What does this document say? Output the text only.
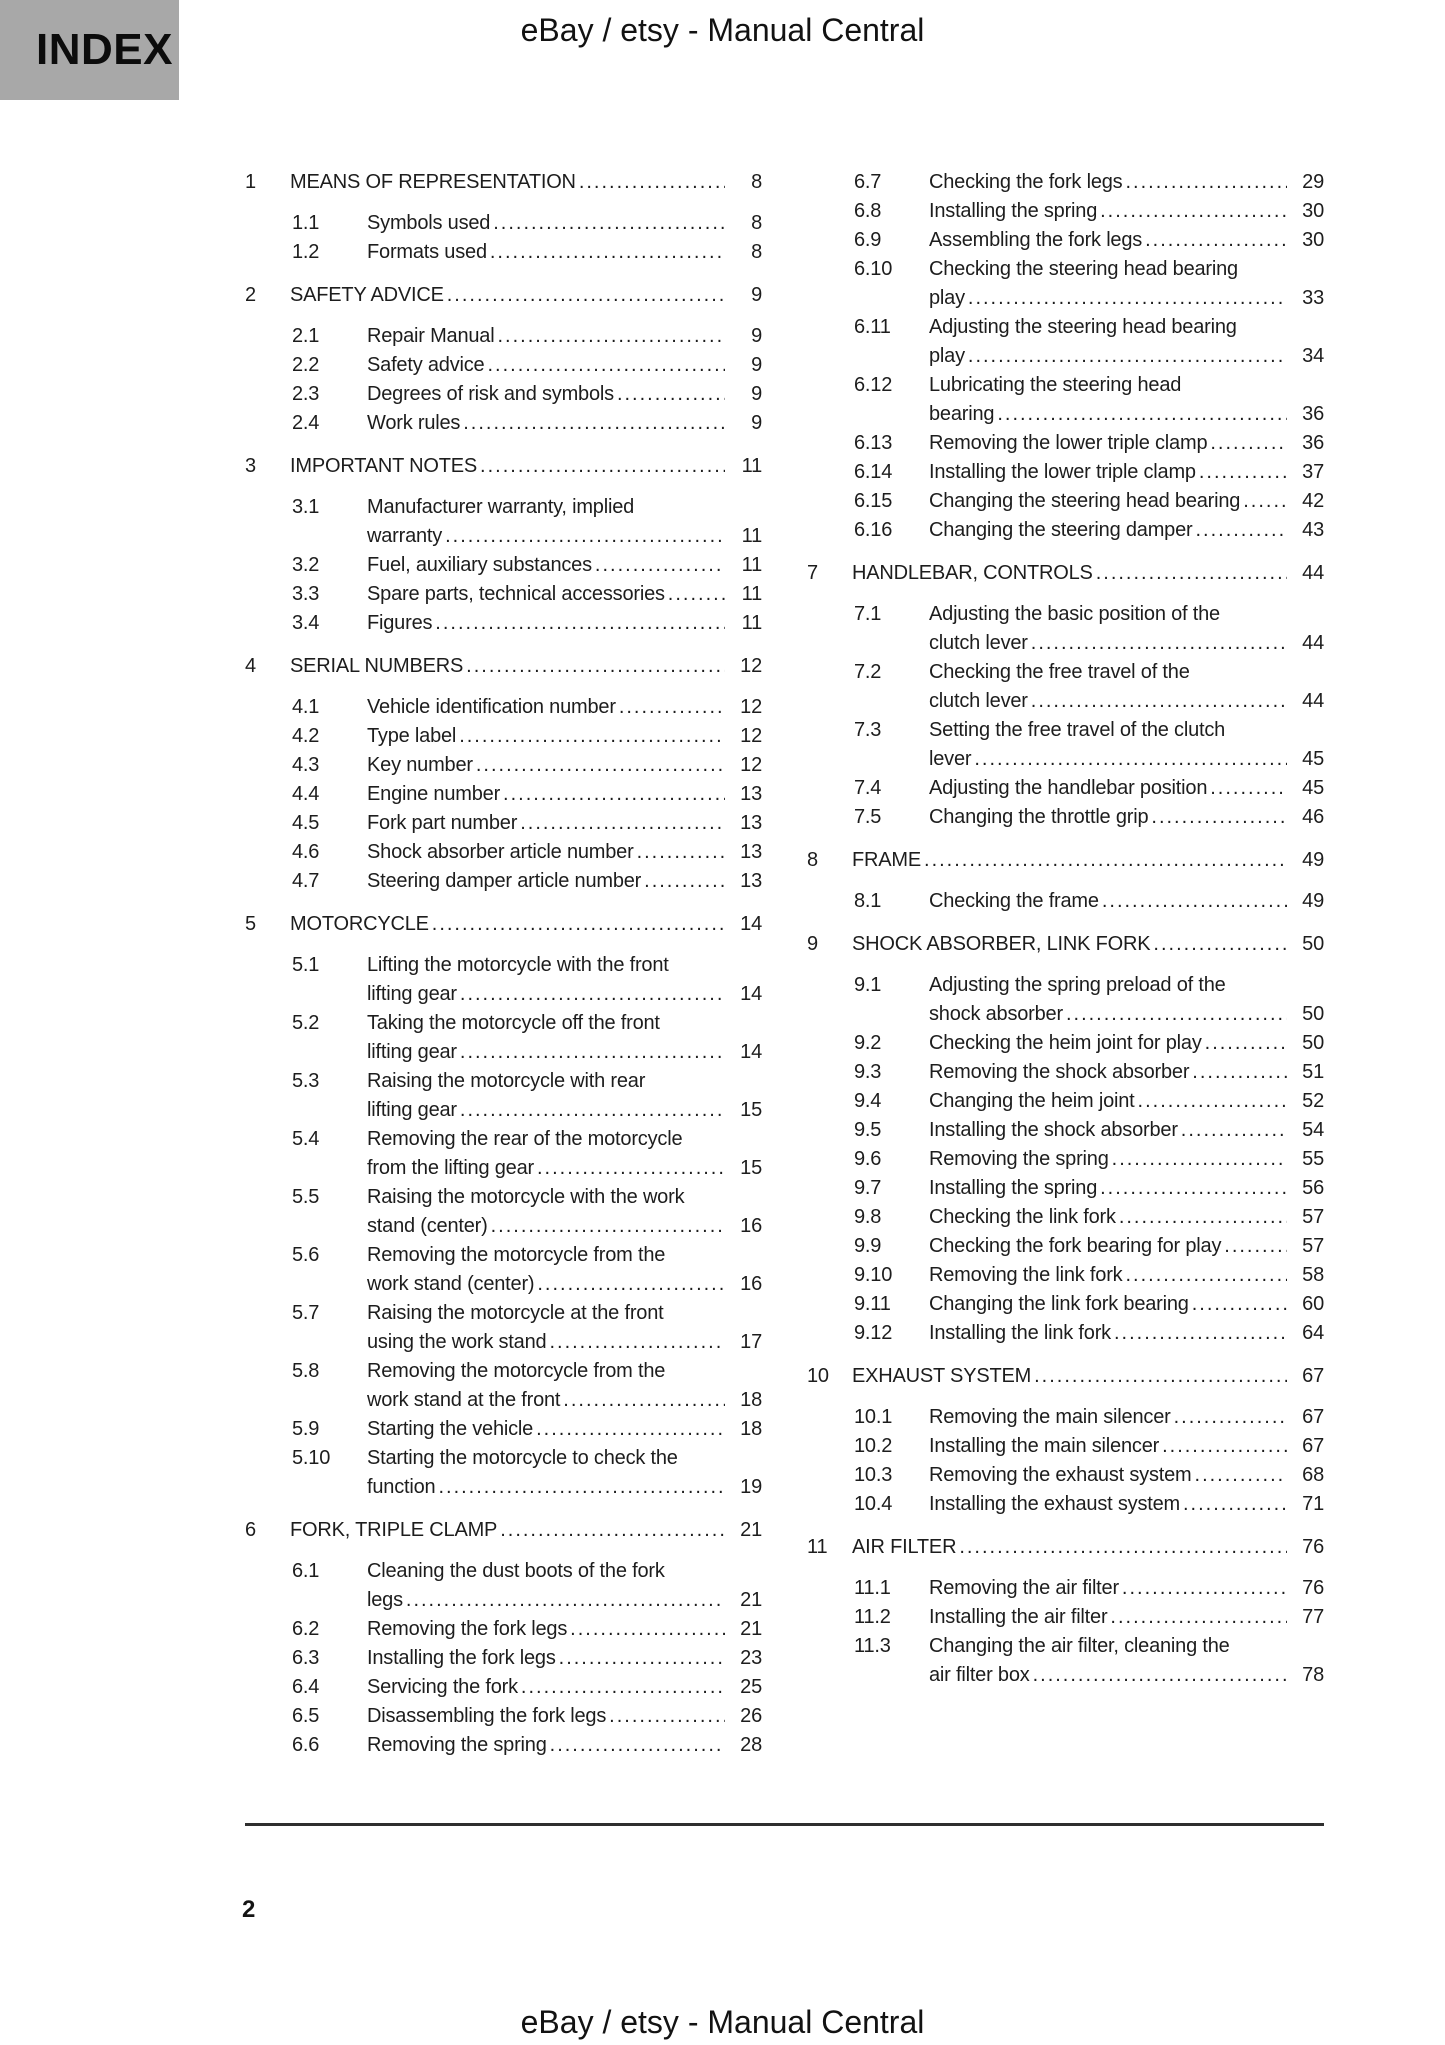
INDEX	eBay / etsy - Manual Central
1	MEANS OF REPRESENTATION .....	8
1.1	Symbols used .....	8
1.2	Formats used .....	8
2	SAFETY ADVICE .....	9
2.1	Repair Manual .....	9
2.2	Safety advice .....	9
2.3	Degrees of risk and symbols .....	9
2.4	Work rules .....	9
3	IMPORTANT NOTES .....	11
3.1	Manufacturer warranty, implied
warranty .....	11
3.2	Fuel, auxiliary substances .....	11
3.3	Spare parts, technical accessories .....	11
3.4	Figures .....	11
4	SERIAL NUMBERS .....	12
4.1	Vehicle identification number .....	12
4.2	Type label .....	12
4.3	Key number .....	12
4.4	Engine number .....	13
4.5	Fork part number .....	13
4.6	Shock absorber article number .....	13
4.7	Steering damper article number .....	13
5	MOTORCYCLE .....	14
5.1	Lifting the motorcycle with the front
lifting gear .....	14
5.2	Taking the motorcycle off the front
lifting gear .....	14
5.3	Raising the motorcycle with rear
lifting gear .....	15
5.4	Removing the rear of the motorcycle
from the lifting gear .....	15
5.5	Raising the motorcycle with the work
stand (center) .....	16
5.6	Removing the motorcycle from the
work stand (center) .....	16
5.7	Raising the motorcycle at the front
using the work stand .....	17
5.8	Removing the motorcycle from the
work stand at the front .....	18
5.9	Starting the vehicle .....	18
5.10	Starting the motorcycle to check the
function .....	19
6	FORK, TRIPLE CLAMP .....	21
6.1	Cleaning the dust boots of the fork
legs .....	21
6.2	Removing the fork legs .....	21
6.3	Installing the fork legs .....	23
6.4	Servicing the fork .....	25
6.5	Disassembling the fork legs .....	26
6.6	Removing the spring .....	28
6.7	Checking the fork legs .....	29
6.8	Installing the spring .....	30
6.9	Assembling the fork legs .....	30
6.10	Checking the steering head bearing
play .....	33
6.11	Adjusting the steering head bearing
play .....	34
6.12	Lubricating the steering head
bearing .....	36
6.13	Removing the lower triple clamp .....	36
6.14	Installing the lower triple clamp .....	37
6.15	Changing the steering head bearing .....	42
6.16	Changing the steering damper .....	43
7	HANDLEBAR, CONTROLS .....	44
7.1	Adjusting the basic position of the
clutch lever .....	44
7.2	Checking the free travel of the
clutch lever .....	44
7.3	Setting the free travel of the clutch
lever .....	45
7.4	Adjusting the handlebar position .....	45
7.5	Changing the throttle grip .....	46
8	FRAME .....	49
8.1	Checking the frame .....	49
9	SHOCK ABSORBER, LINK FORK .....	50
9.1	Adjusting the spring preload of the
shock absorber .....	50
9.2	Checking the heim joint for play .....	50
9.3	Removing the shock absorber .....	51
9.4	Changing the heim joint .....	52
9.5	Installing the shock absorber .....	54
9.6	Removing the spring .....	55
9.7	Installing the spring .....	56
9.8	Checking the link fork .....	57
9.9	Checking the fork bearing for play .....	57
9.10	Removing the link fork .....	58
9.11	Changing the link fork bearing .....	60
9.12	Installing the link fork .....	64
10	EXHAUST SYSTEM .....	67
10.1	Removing the main silencer .....	67
10.2	Installing the main silencer .....	67
10.3	Removing the exhaust system .....	68
10.4	Installing the exhaust system .....	71
11	AIR FILTER .....	76
11.1	Removing the air filter .....	76
11.2	Installing the air filter .....	77
11.3	Changing the air filter, cleaning the
air filter box .....	78
2
eBay / etsy - Manual Central
